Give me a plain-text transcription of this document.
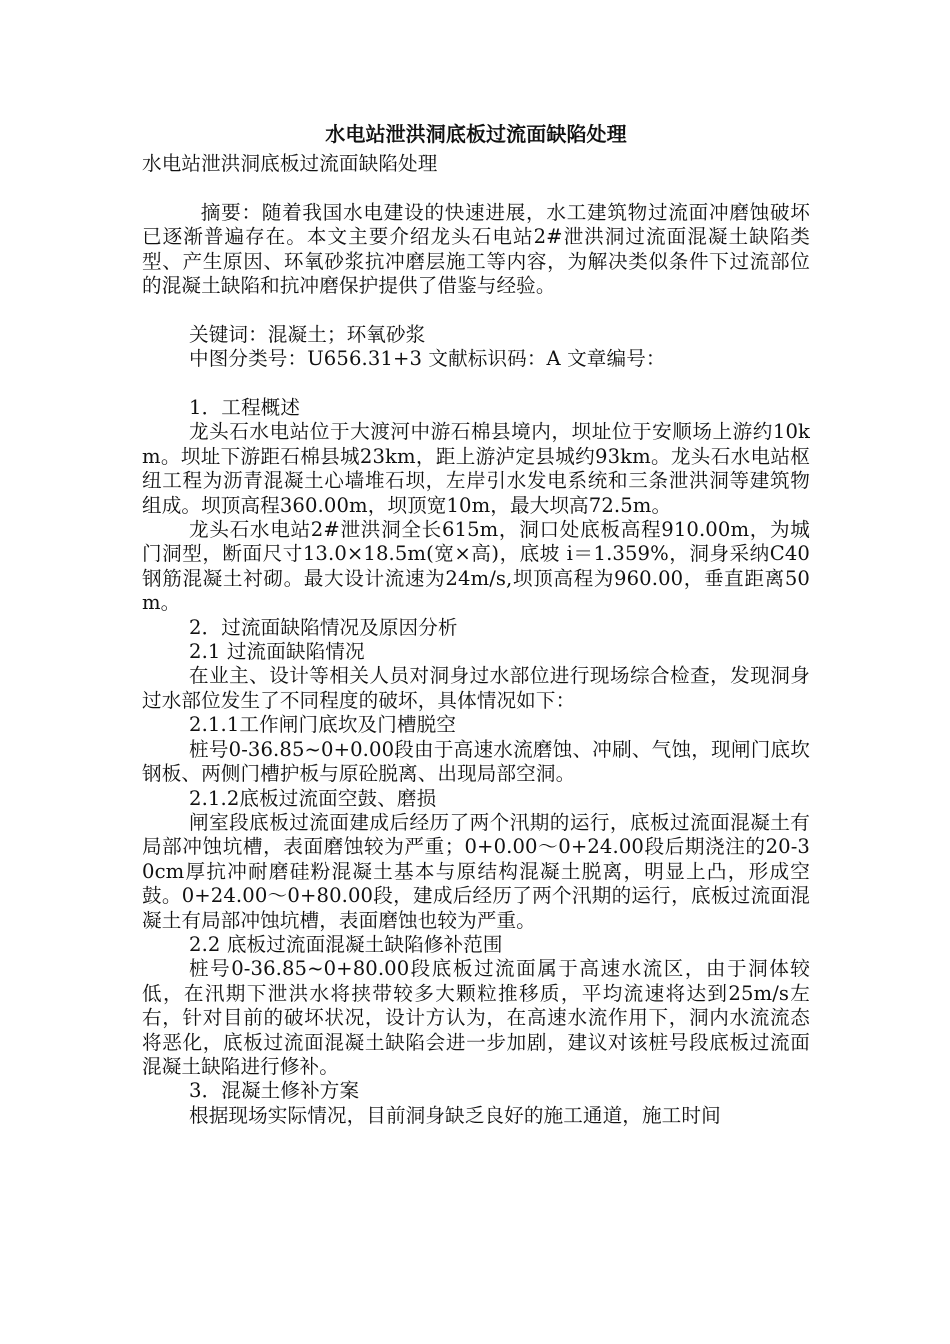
水电站泄洪洞底板过流面缺陷处理

水电站泄洪洞底板过流面缺陷处理

摘要：随着我国水电建设的快速进展，水工建筑物过流面冲磨蚀破坏已逐渐普遍存在。本文主要介绍龙头石电站2#泄洪洞过流面混凝土缺陷类型、产生原因、环氧砂浆抗冲磨层施工等内容，为解决类似条件下过流部位的混凝土缺陷和抗冲磨保护提供了借鉴与经验。

关键词：混凝土；环氧砂浆

中图分类号：U656.31+3 文献标识码：A 文章编号：

1．工程概述

龙头石水电站位于大渡河中游石棉县境内，坝址位于安顺场上游约10km。坝址下游距石棉县城23km，距上游泸定县城约93km。龙头石水电站枢纽工程为沥青混凝土心墙堆石坝，左岸引水发电系统和三条泄洪洞等建筑物组成。坝顶高程360.00m，坝顶宽10m，最大坝高72.5m。

龙头石水电站2#泄洪洞全长615m，洞口处底板高程910.00m，为城门洞型，断面尺寸13.0×18.5m(宽×高)，底坡 i＝1.359%，洞身采纳C40钢筋混凝土衬砌。最大设计流速为24m/s,坝顶高程为960.00，垂直距离50m。

2．过流面缺陷情况及原因分析

2.1 过流面缺陷情况

在业主、设计等相关人员对洞身过水部位进行现场综合检查，发现洞身过水部位发生了不同程度的破坏，具体情况如下：

2.1.1工作闸门底坎及门槽脱空

桩号0-36.85~0+0.00段由于高速水流磨蚀、冲刷、气蚀，现闸门底坎钢板、两侧门槽护板与原砼脱离、出现局部空洞。

2.1.2底板过流面空鼓、磨损

闸室段底板过流面建成后经历了两个汛期的运行，底板过流面混凝土有局部冲蚀坑槽，表面磨蚀较为严重；0+0.00～0+24.00段后期浇注的20-30cm厚抗冲耐磨硅粉混凝土基本与原结构混凝土脱离，明显上凸，形成空鼓。0+24.00～0+80.00段，建成后经历了两个汛期的运行，底板过流面混凝土有局部冲蚀坑槽，表面磨蚀也较为严重。

2.2 底板过流面混凝土缺陷修补范围

桩号0-36.85~0+80.00段底板过流面属于高速水流区，由于洞体较低，在汛期下泄洪水将挟带较多大颗粒推移质，平均流速将达到25m/s左右，针对目前的破坏状况，设计方认为，在高速水流作用下，洞内水流流态将恶化，底板过流面混凝土缺陷会进一步加剧，建议对该桩号段底板过流面混凝土缺陷进行修补。

3．混凝土修补方案

根据现场实际情况，目前洞身缺乏良好的施工通道，施工时间
